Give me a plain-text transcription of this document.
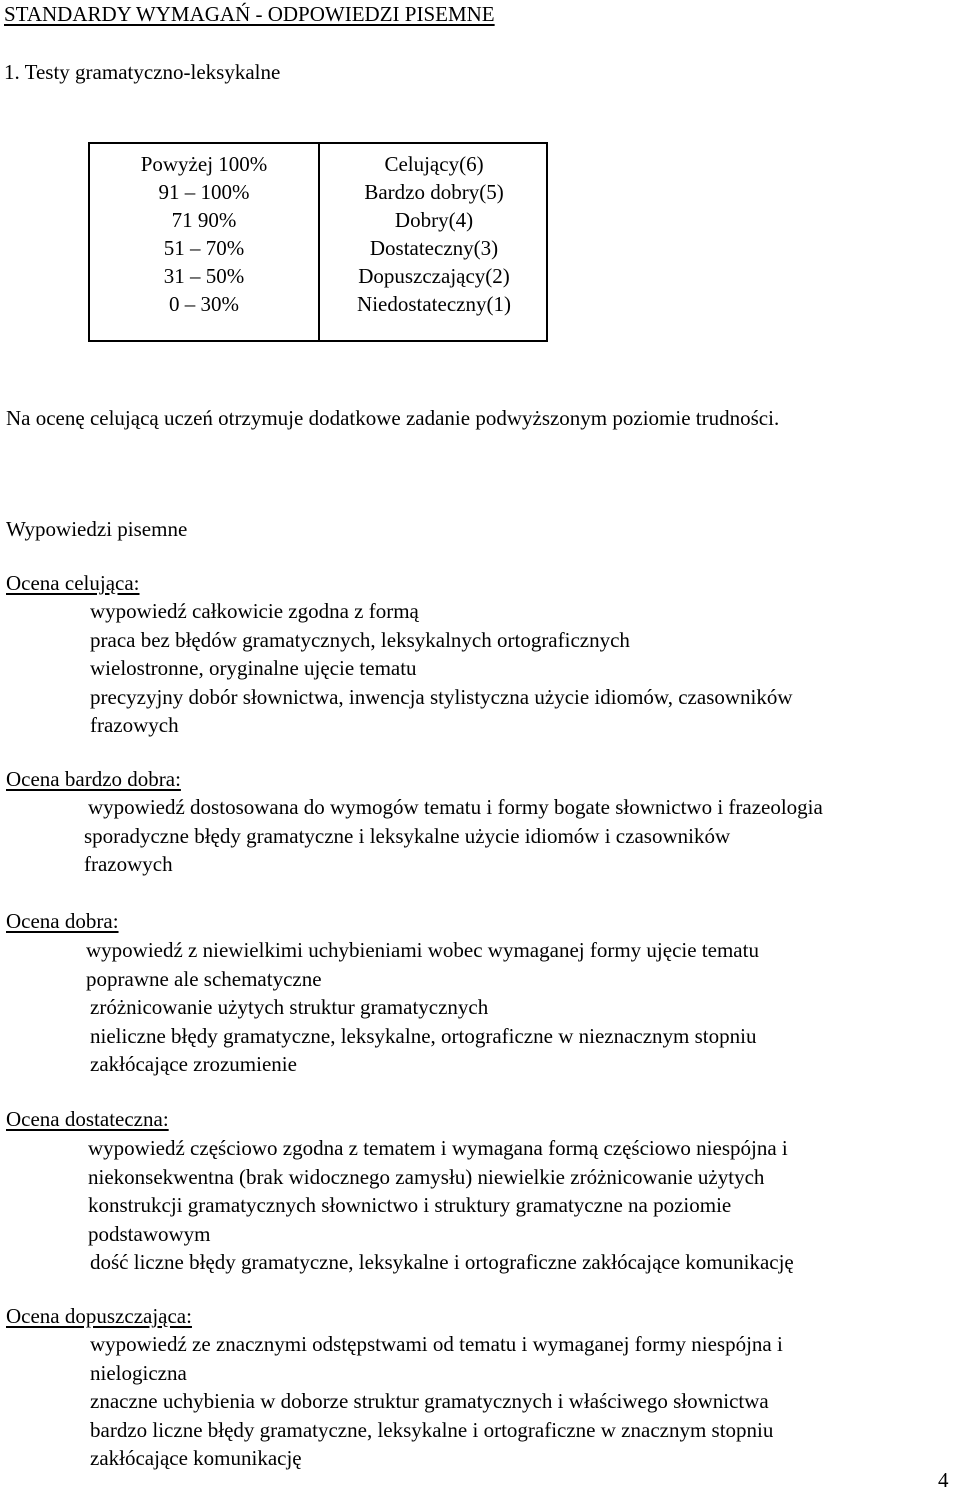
STANDARDY WYMAGAŃ - ODPOWIEDZI PISEMNE
1. Testy gramatyczno-leksykalne
Powyżej 100%
91 – 100%
71 90%
51 – 70%
31 – 50%
0 – 30%
Celujący(6)
Bardzo dobry(5)
Dobry(4)
Dostateczny(3)
Dopuszczający(2)
Niedostateczny(1)
Na ocenę celującą uczeń otrzymuje dodatkowe zadanie podwyższonym poziomie trudności.
Wypowiedzi pisemne
Ocena celująca:
wypowiedź całkowicie zgodna z formą
praca bez błędów gramatycznych, leksykalnych ortograficznych
wielostronne, oryginalne ujęcie tematu
precyzyjny dobór słownictwa, inwencja stylistyczna użycie idiomów, czasowników
frazowych
Ocena bardzo dobra:
wypowiedź dostosowana do wymogów tematu i formy bogate słownictwo i frazeologia
sporadyczne błędy gramatyczne i leksykalne użycie idiomów i czasowników
frazowych
Ocena dobra:
wypowiedź z niewielkimi uchybieniami wobec wymaganej formy ujęcie tematu
poprawne ale schematyczne
zróżnicowanie użytych struktur gramatycznych
nieliczne błędy gramatyczne, leksykalne, ortograficzne w nieznacznym stopniu
zakłócające zrozumienie
Ocena dostateczna:
wypowiedź częściowo zgodna z tematem i wymagana formą częściowo niespójna i
niekonsekwentna (brak widocznego zamysłu) niewielkie zróżnicowanie użytych
konstrukcji gramatycznych słownictwo i struktury gramatyczne na poziomie
podstawowym
dość liczne błędy gramatyczne, leksykalne i ortograficzne zakłócające komunikację
Ocena dopuszczająca:
wypowiedź ze znacznymi odstępstwami od tematu i wymaganej formy niespójna i
nielogiczna
znaczne uchybienia w doborze struktur gramatycznych i właściwego słownictwa
bardzo liczne błędy gramatyczne, leksykalne i ortograficzne w znacznym stopniu
zakłócające komunikację
4
